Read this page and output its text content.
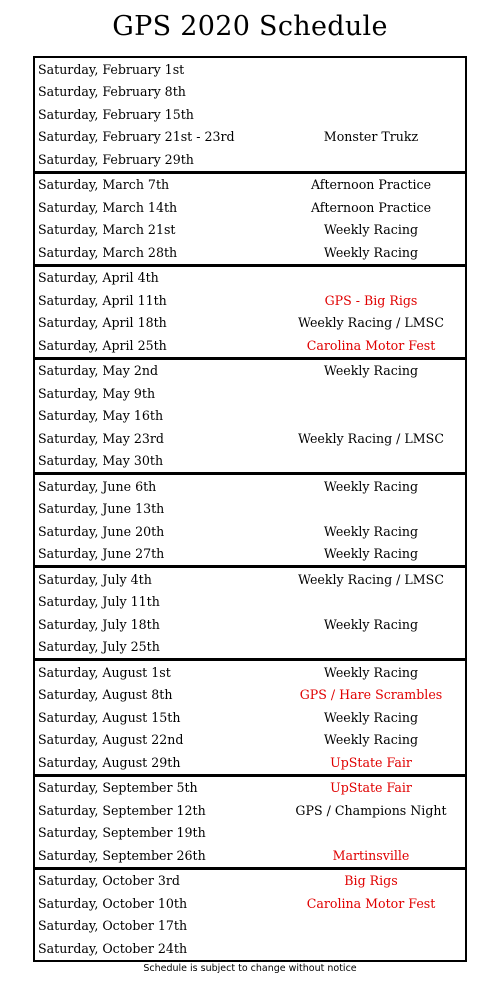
GPS 2020 Schedule
Saturday, February 1st
Saturday, February 8th
Saturday, February 15th
Saturday, February 21st - 23rd	Monster Trukz
Saturday, February 29th
Saturday, March 7th	Afternoon Practice
Saturday, March 14th	Afternoon Practice
Saturday, March 21st	Weekly Racing
Saturday, March 28th	Weekly Racing
Saturday, April 4th
Saturday, April 11th	GPS - Big Rigs
Saturday, April 18th	Weekly Racing / LMSC
Saturday, April 25th	Carolina Motor Fest
Saturday, May 2nd	Weekly Racing
Saturday, May 9th
Saturday, May 16th
Saturday, May 23rd	Weekly Racing / LMSC
Saturday, May 30th
Saturday, June 6th	Weekly Racing
Saturday, June 13th
Saturday, June 20th	Weekly Racing
Saturday, June 27th	Weekly Racing
Saturday, July 4th	Weekly Racing / LMSC
Saturday, July 11th
Saturday, July 18th	Weekly Racing
Saturday, July 25th
Saturday, August 1st	Weekly Racing
Saturday, August 8th	GPS / Hare Scrambles
Saturday, August 15th	Weekly Racing
Saturday, August 22nd	Weekly Racing
Saturday, August 29th	UpState Fair
Saturday, September 5th	UpState Fair
Saturday, September 12th	GPS / Champions Night
Saturday, September 19th
Saturday, September 26th	Martinsville
Saturday, October 3rd	Big Rigs
Saturday, October 10th	Carolina Motor Fest
Saturday, October 17th
Saturday, October 24th
Schedule is subject to change without notice
